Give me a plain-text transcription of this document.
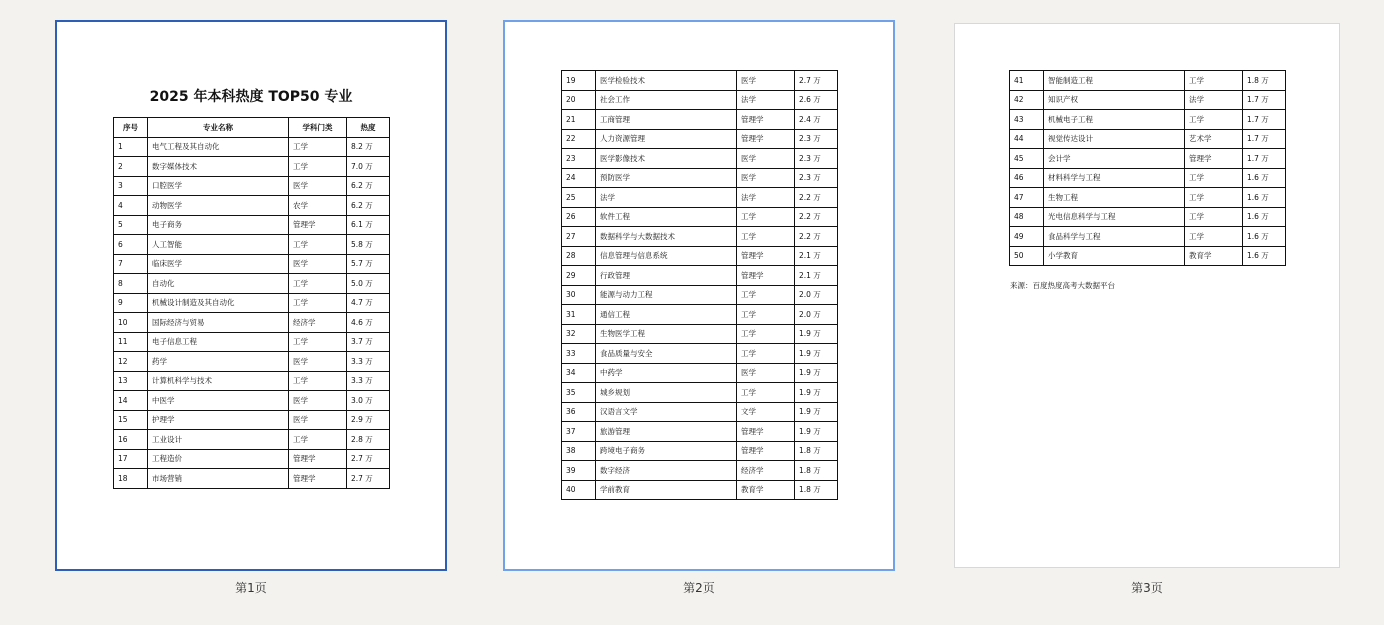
2025 年本科热度 TOP50 专业
序号	专业名称	学科门类	热度
1	电气工程及其自动化	工学	8.2 万
2	数字媒体技术	工学	7.0 万
3	口腔医学	医学	6.2 万
4	动物医学	农学	6.2 万
5	电子商务	管理学	6.1 万
6	人工智能	工学	5.8 万
7	临床医学	医学	5.7 万
8	自动化	工学	5.0 万
9	机械设计制造及其自动化	工学	4.7 万
10	国际经济与贸易	经济学	4.6 万
11	电子信息工程	工学	3.7 万
12	药学	医学	3.3 万
13	计算机科学与技术	工学	3.3 万
14	中医学	医学	3.0 万
15	护理学	医学	2.9 万
16	工业设计	工学	2.8 万
17	工程造价	管理学	2.7 万
18	市场营销	管理学	2.7 万
第1页
19	医学检验技术	医学	2.7 万
20	社会工作	法学	2.6 万
21	工商管理	管理学	2.4 万
22	人力资源管理	管理学	2.3 万
23	医学影像技术	医学	2.3 万
24	预防医学	医学	2.3 万
25	法学	法学	2.2 万
26	软件工程	工学	2.2 万
27	数据科学与大数据技术	工学	2.2 万
28	信息管理与信息系统	管理学	2.1 万
29	行政管理	管理学	2.1 万
30	能源与动力工程	工学	2.0 万
31	通信工程	工学	2.0 万
32	生物医学工程	工学	1.9 万
33	食品质量与安全	工学	1.9 万
34	中药学	医学	1.9 万
35	城乡规划	工学	1.9 万
36	汉语言文学	文学	1.9 万
37	旅游管理	管理学	1.9 万
38	跨境电子商务	管理学	1.8 万
39	数字经济	经济学	1.8 万
40	学前教育	教育学	1.8 万
第2页
41	智能制造工程	工学	1.8 万
42	知识产权	法学	1.7 万
43	机械电子工程	工学	1.7 万
44	视觉传达设计	艺术学	1.7 万
45	会计学	管理学	1.7 万
46	材料科学与工程	工学	1.6 万
47	生物工程	工学	1.6 万
48	光电信息科学与工程	工学	1.6 万
49	食品科学与工程	工学	1.6 万
50	小学教育	教育学	1.6 万
来源：百度热度高考大数据平台
第3页
